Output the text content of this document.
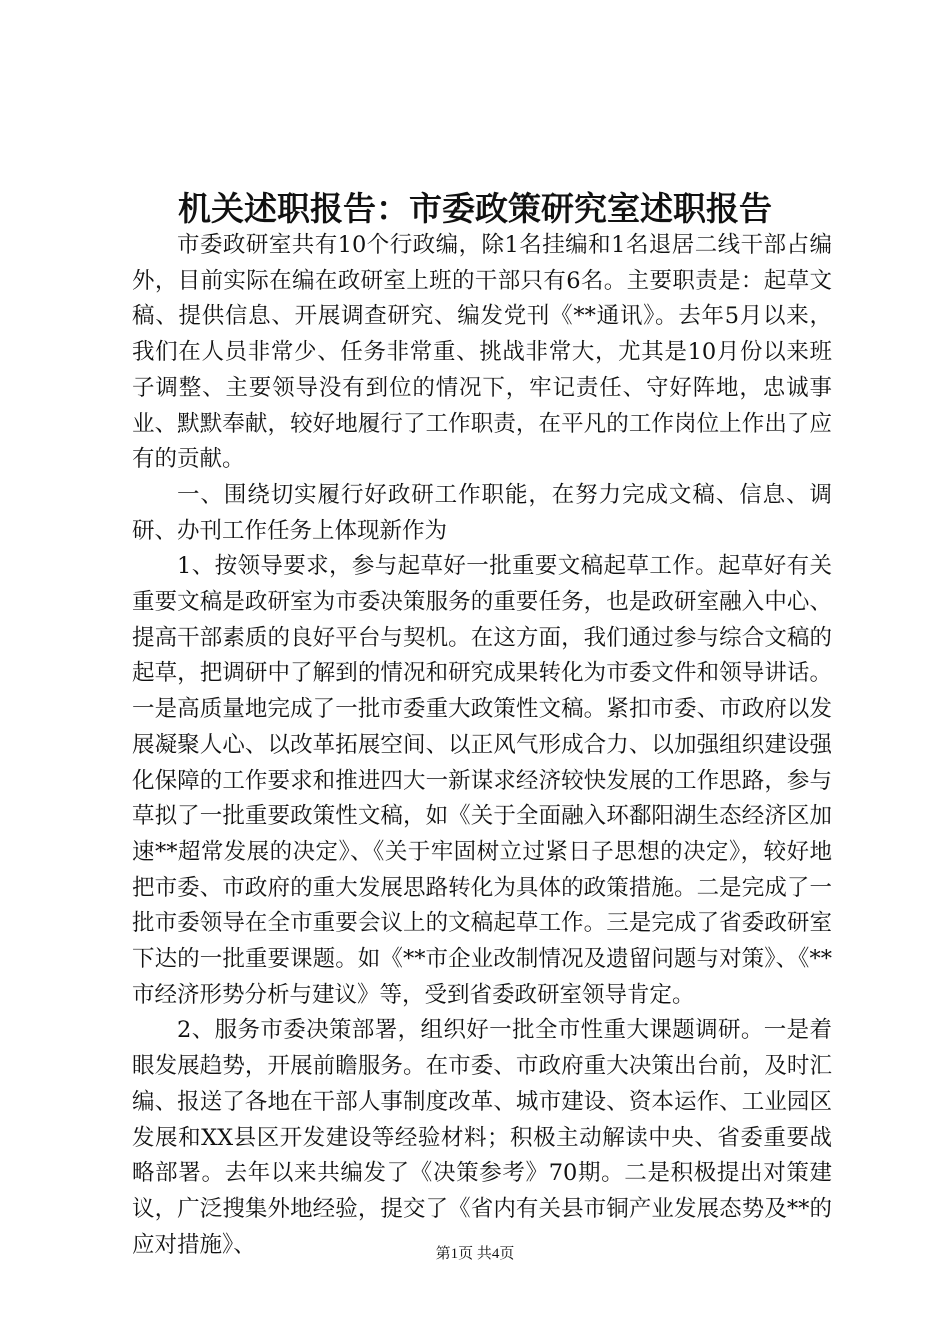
机关述职报告：市委政策研究室述职报告

市委政研室共有10个行政编，除1名挂编和1名退居二线干部占编外，目前实际在编在政研室上班的干部只有6名。主要职责是：起草文稿、提供信息、开展调查研究、编发党刊《**通讯》。去年5月以来，我们在人员非常少、任务非常重、挑战非常大，尤其是10月份以来班子调整、主要领导没有到位的情况下，牢记责任、守好阵地，忠诚事业、默默奉献，较好地履行了工作职责，在平凡的工作岗位上作出了应有的贡献。

一、围绕切实履行好政研工作职能，在努力完成文稿、信息、调研、办刊工作任务上体现新作为

1、按领导要求，参与起草好一批重要文稿起草工作。起草好有关重要文稿是政研室为市委决策服务的重要任务，也是政研室融入中心、提高干部素质的良好平台与契机。在这方面，我们通过参与综合文稿的起草，把调研中了解到的情况和研究成果转化为市委文件和领导讲话。一是高质量地完成了一批市委重大政策性文稿。紧扣市委、市政府以发展凝聚人心、以改革拓展空间、以正风气形成合力、以加强组织建设强化保障的工作要求和推进四大一新谋求经济较快发展的工作思路，参与草拟了一批重要政策性文稿，如《关于全面融入环鄱阳湖生态经济区加速**超常发展的决定》、《关于牢固树立过紧日子思想的决定》，较好地把市委、市政府的重大发展思路转化为具体的政策措施。二是完成了一批市委领导在全市重要会议上的文稿起草工作。三是完成了省委政研室下达的一批重要课题。如《**市企业改制情况及遗留问题与对策》、《**市经济形势分析与建议》等，受到省委政研室领导肯定。

2、服务市委决策部署，组织好一批全市性重大课题调研。一是着眼发展趋势，开展前瞻服务。在市委、市政府重大决策出台前，及时汇编、报送了各地在干部人事制度改革、城市建设、资本运作、工业园区发展和XX县区开发建设等经验材料；积极主动解读中央、省委重要战略部署。去年以来共编发了《决策参考》70期。二是积极提出对策建议，广泛搜集外地经验，提交了《省内有关县市铜产业发展态势及**的应对措施》、	第1页 共4页
